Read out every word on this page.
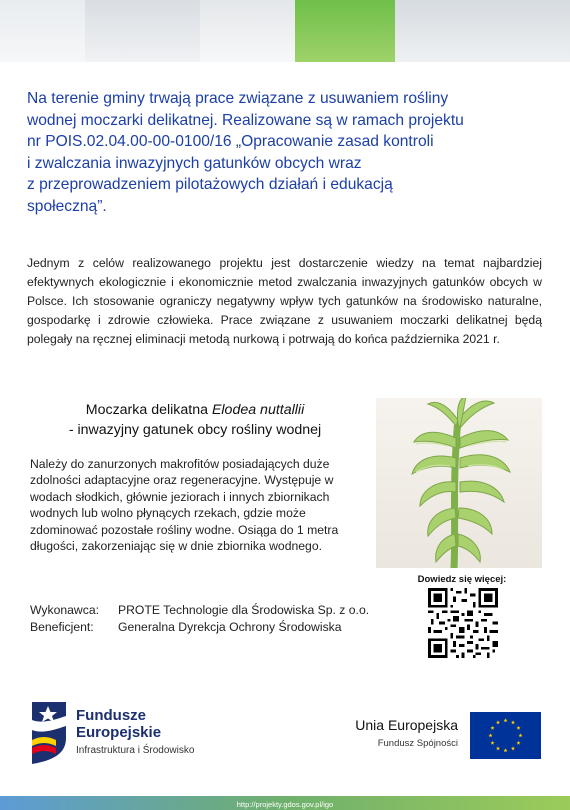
Na terenie gminy trwają prace związane z usuwaniem rośliny
wodnej moczarki delikatnej. Realizowane są w ramach projektu
nr POIS.02.04.00-00-0100/16 „Opracowanie zasad kontroli
i zwalczania inwazyjnych gatunków obcych wraz
z przeprowadzeniem pilotażowych działań i edukacją
społeczną”.
Jednym z celów realizowanego projektu jest dostarczenie wiedzy na temat najbardziej efektywnych ekologicznie i ekonomicznie metod zwalczania inwazyjnych gatunków obcych w Polsce. Ich stosowanie ograniczy negatywny wpływ tych gatunków na środowisko naturalne, gospodarkę i zdrowie człowieka. Prace związane z usuwaniem moczarki delikatnej będą polegały na ręcznej eliminacji metodą nurkową i potrwają do końca października 2021 r.
Moczarka delikatna Elodea nuttallii
- inwazyjny gatunek obcy rośliny wodnej
Należy do zanurzonych makrofitów posiadających duże zdolności adaptacyjne oraz regeneracyjne. Występuje w wodach słodkich, głównie jeziorach i innych zbiornikach wodnych lub wolno płynących rzekach, gdzie może zdominować pozostałe rośliny wodne. Osiąga do 1 metra długości, zakorzeniając się w dnie zbiornika wodnego.
Dowiedz się więcej:
Wykonawca:	PROTE Technologie dla Środowiska Sp. z o.o.
Beneficjent:	Generalna Dyrekcja Ochrony Środowiska
Fundusze
Europejskie
Infrastruktura i Środowisko
Unia Europejska
Fundusz Spójności
http://projekty.gdos.gov.pl/igo
